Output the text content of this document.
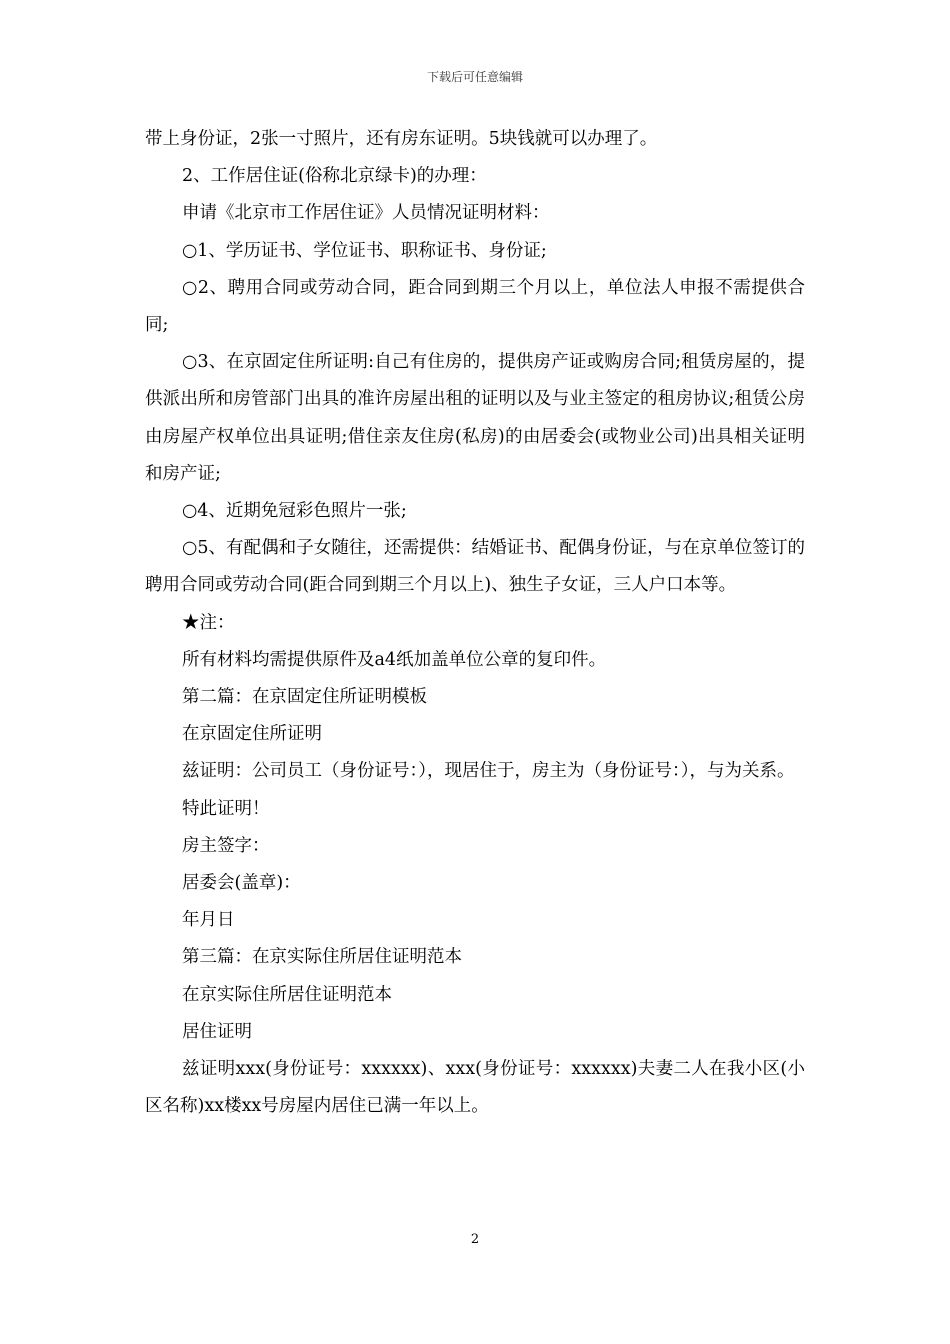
下载后可任意编辑

带上身份证，2张一寸照片，还有房东证明。5块钱就可以办理了。

2、工作居住证(俗称北京绿卡)的办理：

申请《北京市工作居住证》人员情况证明材料：

○1、学历证书、学位证书、职称证书、身份证;

○2、聘用合同或劳动合同，距合同到期三个月以上，单位法人申报不需提供合同;

○3、在京固定住所证明:自己有住房的，提供房产证或购房合同;租赁房屋的，提供派出所和房管部门出具的准许房屋出租的证明以及与业主签定的租房协议;租赁公房由房屋产权单位出具证明;借住亲友住房(私房)的由居委会(或物业公司)出具相关证明和房产证;

○4、近期免冠彩色照片一张;

○5、有配偶和子女随往，还需提供：结婚证书、配偶身份证，与在京单位签订的聘用合同或劳动合同(距合同到期三个月以上)、独生子女证，三人户口本等。

★注：

所有材料均需提供原件及a4纸加盖单位公章的复印件。

第二篇：在京固定住所证明模板

在京固定住所证明

兹证明：公司员工（身份证号：），现居住于，房主为（身份证号：），与为关系。

特此证明！

房主签字：

居委会(盖章)：

年月日

第三篇：在京实际住所居住证明范本

在京实际住所居住证明范本

居住证明

兹证明xxx(身份证号：xxxxxx)、xxx(身份证号：xxxxxx)夫妻二人在我小区(小区名称)xx楼xx号房屋内居住已满一年以上。

2
